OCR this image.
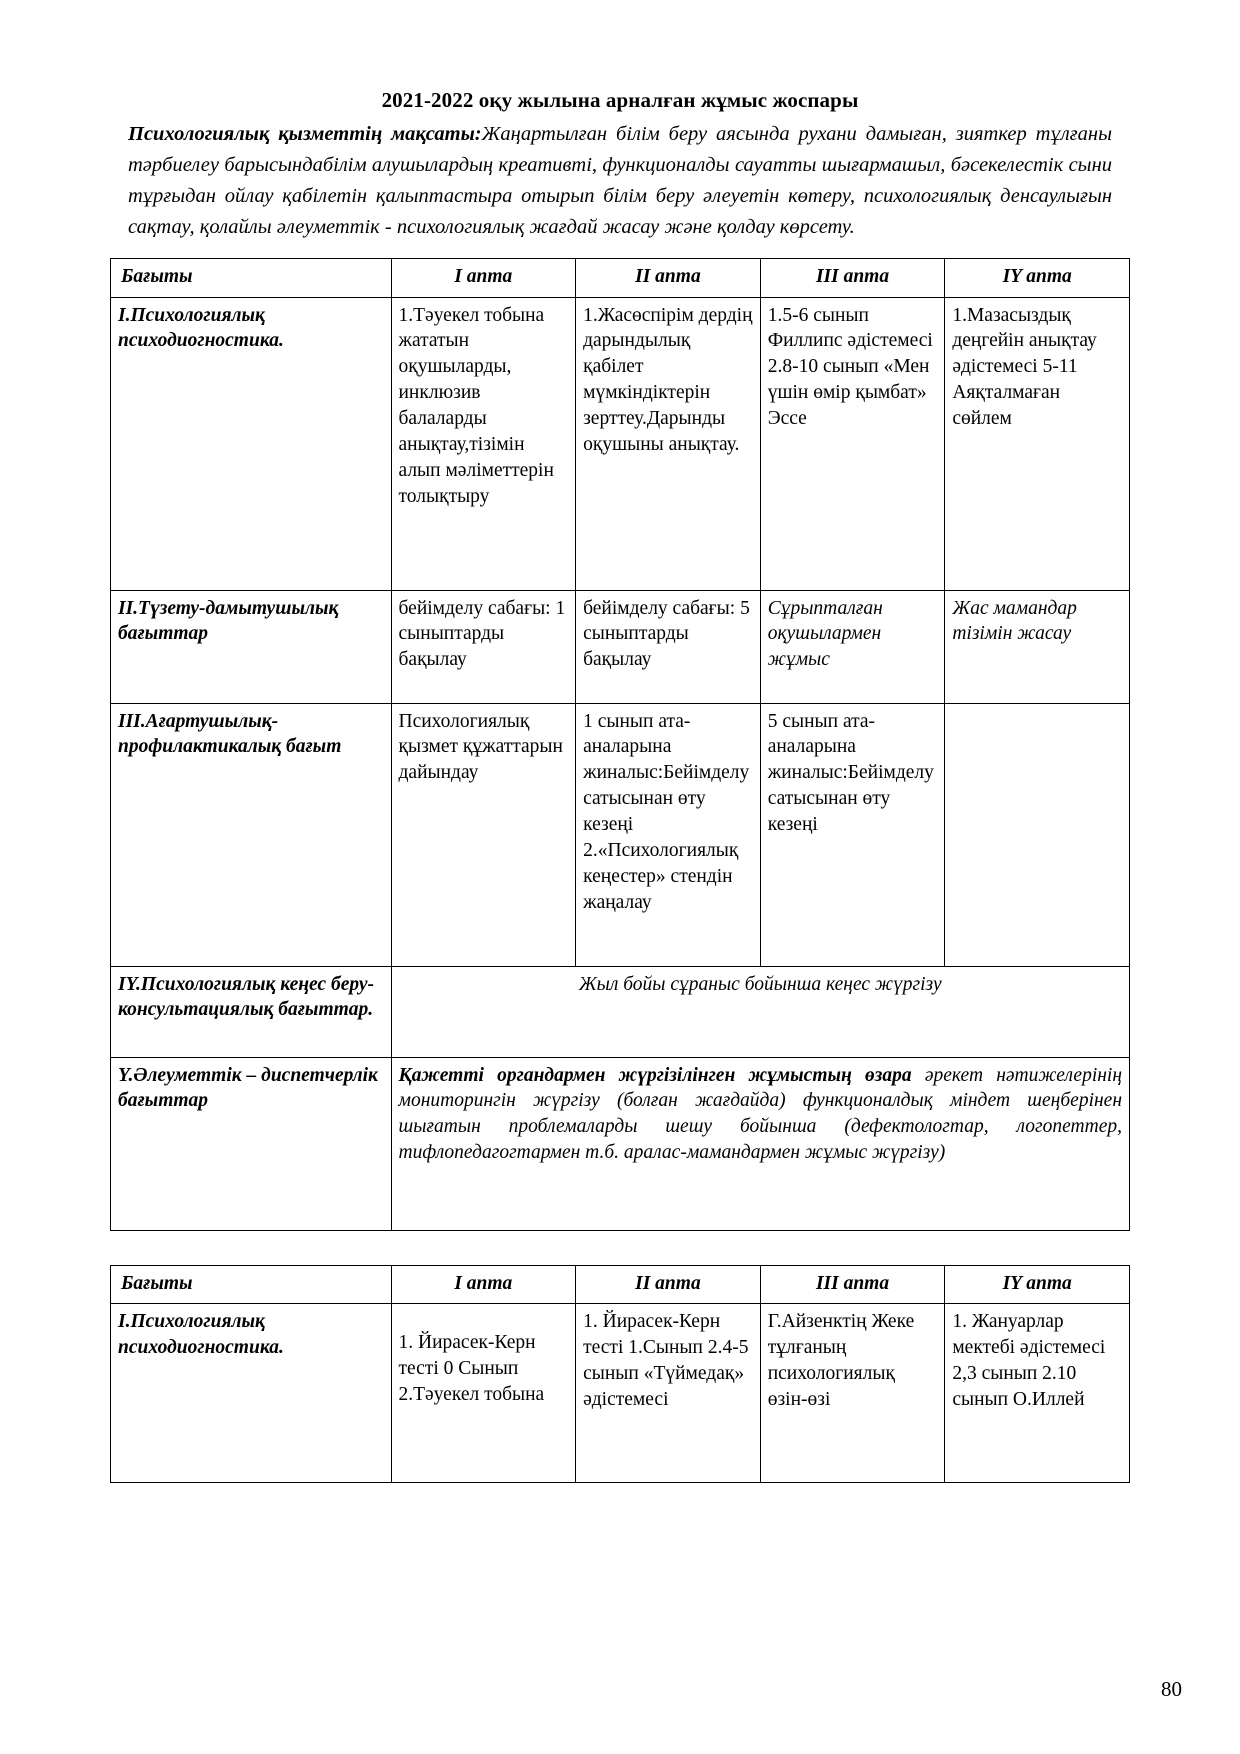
2021-2022 оқу жылына арналған жұмыс жоспары

Психологиялық қызметтің мақсаты:Жаңартылған білім беру аясында рухани дамыған, зияткер тұлғаны тәрбиелеу барысындабілім алушылардың креативті, функционалды сауатты шығармашыл, бәсекелестік сыни тұрғыдан ойлау қабілетін қалыптастыра отырып білім беру әлеуетін көтеру, психологиялық денсаулығын сақтау, қолайлы әлеуметтік - психологиялық жағдай жасау және қолдау көрсету.

Бағыты	I апта	II апта	III апта	IY апта
I.Психологиялық психодиогностика.	1.Тәуекел тобына жататын оқушыларды, инклюзив балаларды анықтау,тізімін алып мәліметтерін толықтыру	1.Жасөспірім дердің дарындылық қабілет мүмкіндіктерін зерттеу.Дарынды оқушыны анықтау.	1.5-6 сынып Филлипс әдістемесі 2.8-10 сынып «Мен үшін өмір қымбат» Эссе	1.Мазасыздық деңгейін анықтау әдістемесі 5-11 Аяқталмаған сөйлем
II.Түзету-дамытушылық бағыттар	бейімделу сабағы: 1 сыныптарды бақылау	бейімделу сабағы: 5 сыныптарды бақылау	Сұрыпталған оқушылармен жұмыс	Жас мамандар тізімін жасау
III.Ағартушылық-профилактикалық бағыт	Психологиялық қызмет құжаттарын дайындау	1 сынып ата-аналарына жиналыс:Бейімделу сатысынан өту кезеңі 2.«Психологиялық кеңестер» стендін жаңалау	5 сынып ата-аналарына жиналыс:Бейімделу сатысынан өту кезеңі	
IY.Психологиялық кеңес беру- консультациялық бағыттар.	Жыл бойы сұраныс бойынша кеңес жүргізу			
Y.Әлеуметтік – диспетчерлік бағыттар	Қажетті органдармен жүргізілінген жұмыстың өзара әрекет нәтижелерінің мониторингін жүргізу (болған жағдайда) функционалдық міндет шеңберінен шығатын проблемаларды шешу бойынша (дефектологтар, логопеттер, тифлопедагогтармен т.б. аралас-мамандармен жұмыс жүргізу)			
Бағыты	I апта	II апта	III апта	IY апта
I.Психологиялық психодиогностика.	1. Йирасек-Керн тесті 0 Сынып 2.Тәуекел тобына	1. Йирасек-Керн тесті 1.Сынып 2.4-5 сынып «Түймедақ» әдістемесі	Г.Айзенктің Жеке тұлғаның психологиялық өзін-өзі	1. Жануарлар мектебі әдістемесі 2,3 сынып 2.10 сынып О.Иллей
80
